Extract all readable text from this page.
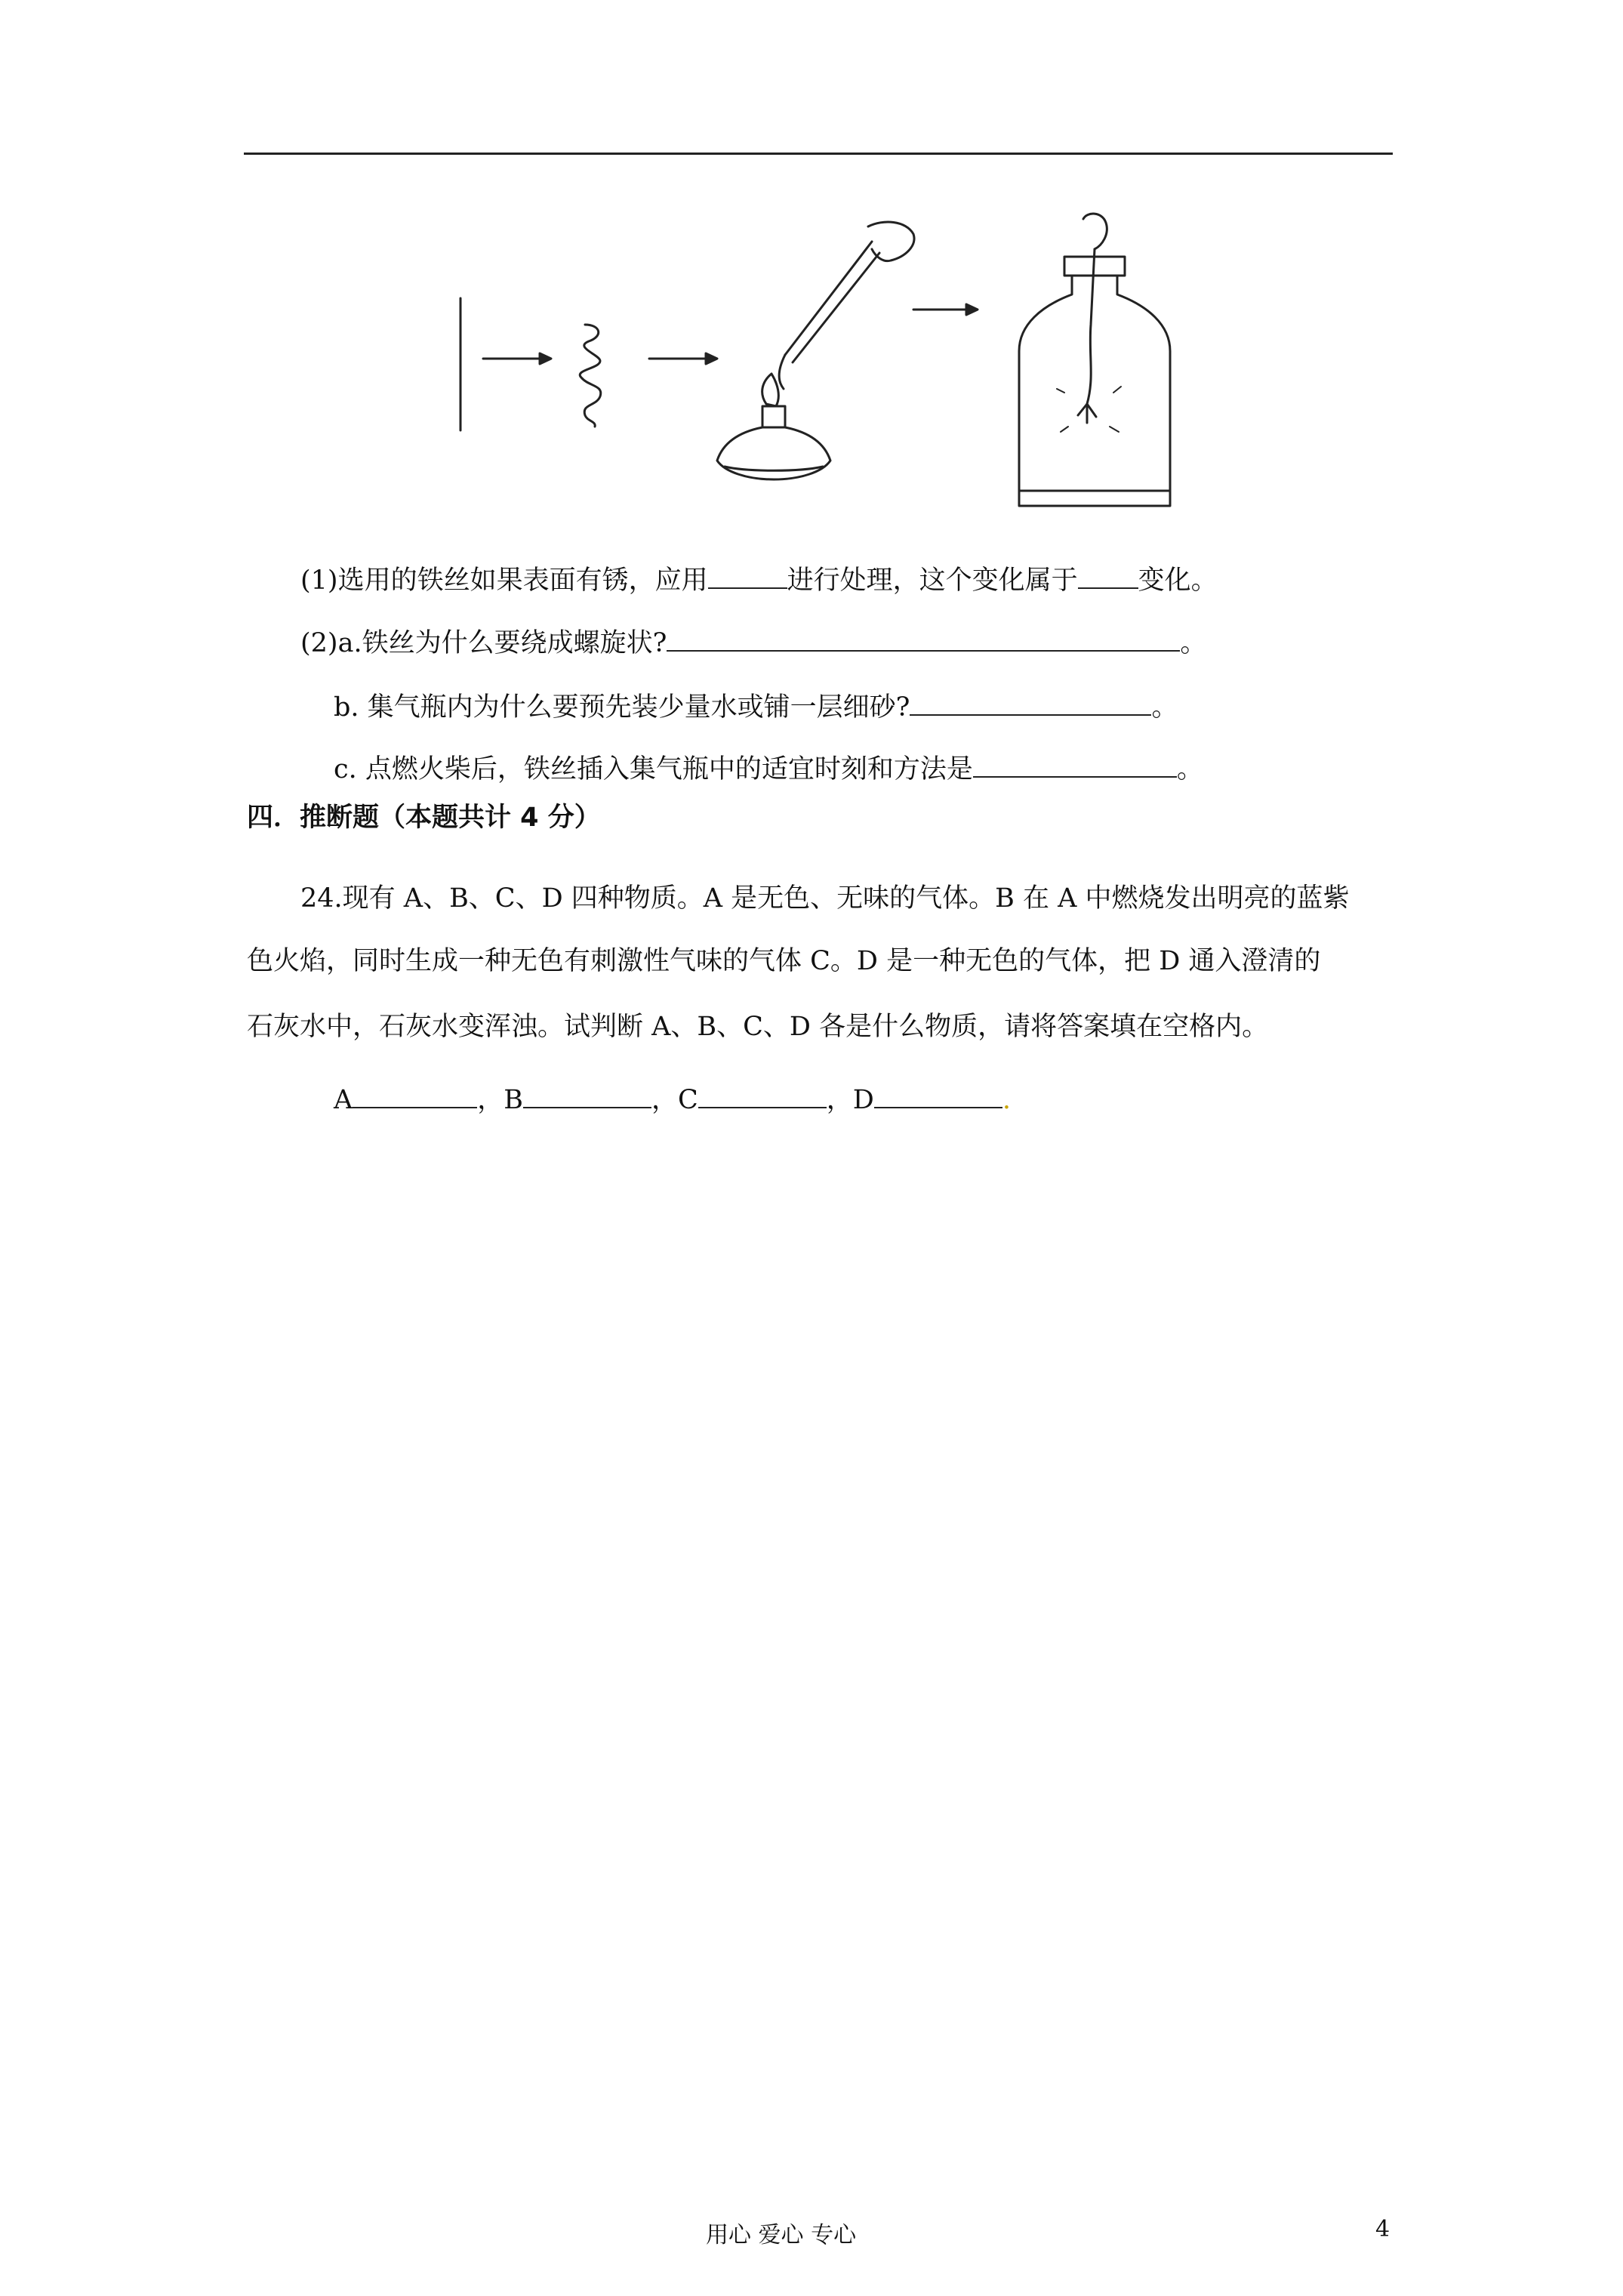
(1)选用的铁丝如果表面有锈，应用	进行处理，这个变化属于 变化。
(2)a.铁丝为什么要绕成螺旋状?	。
b. 集气瓶内为什么要预先装少量水或铺一层细砂?	。
c. 点燃火柴后，铁丝插入集气瓶中的适宜时刻和方法是	。
四．推断题（本题共计 4 分）
24.现有 A、B、C、D 四种物质。A 是无色、无味的气体。B 在 A 中燃烧发出明亮的蓝紫
色火焰，同时生成一种无色有刺激性气味的气体 C。D 是一种无色的气体，把 D 通入澄清的
石灰水中，石灰水变浑浊。试判断 A、B、C、D 各是什么物质，请将答案填在空格内。
A	，B	，C	，D	.
用心 爱心 专心	4
